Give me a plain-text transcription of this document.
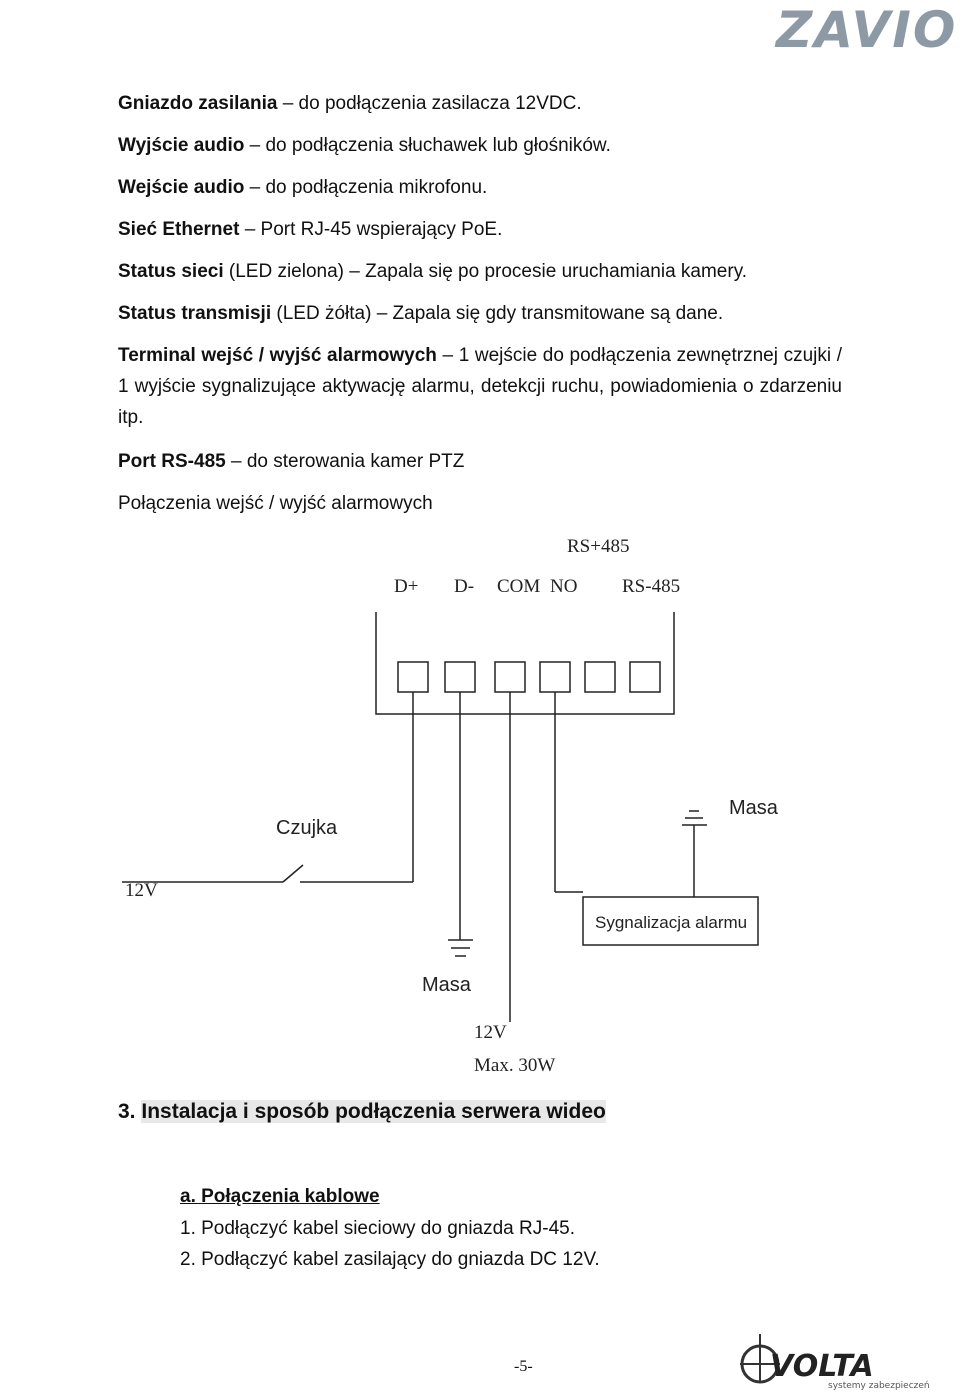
ZAVIO

Gniazdo zasilania – do podłączenia zasilacza 12VDC.

Wyjście audio – do podłączenia słuchawek lub głośników.

Wejście audio – do podłączenia mikrofonu.

Sieć Ethernet – Port RJ-45 wspierający PoE.

Status sieci (LED zielona) – Zapala się po procesie uruchamiania kamery.

Status transmisji (LED żółta) – Zapala się gdy transmitowane są dane.

Terminal wejść / wyjść alarmowych – 1 wejście do podłączenia zewnętrznej czujki / 1 wyjście sygnalizujące aktywację alarmu, detekcji ruchu, powiadomienia o zdarzeniu itp.

Port RS-485 – do sterowania kamer PTZ

Połączenia wejść / wyjść alarmowych

RS+485
D+ D- COM NO RS-485
Czujka
12V
Masa
Masa
Sygnalizacja alarmu
12V
Max. 30W
3. Instalacja i sposób podłączenia serwera wideo
a. Połączenia kablowe
1. Podłączyć kabel sieciowy do gniazda RJ-45.
2. Podłączyć kabel zasilający do gniazda DC 12V.
-5-	VOLTA
systemy zabezpieczeń
